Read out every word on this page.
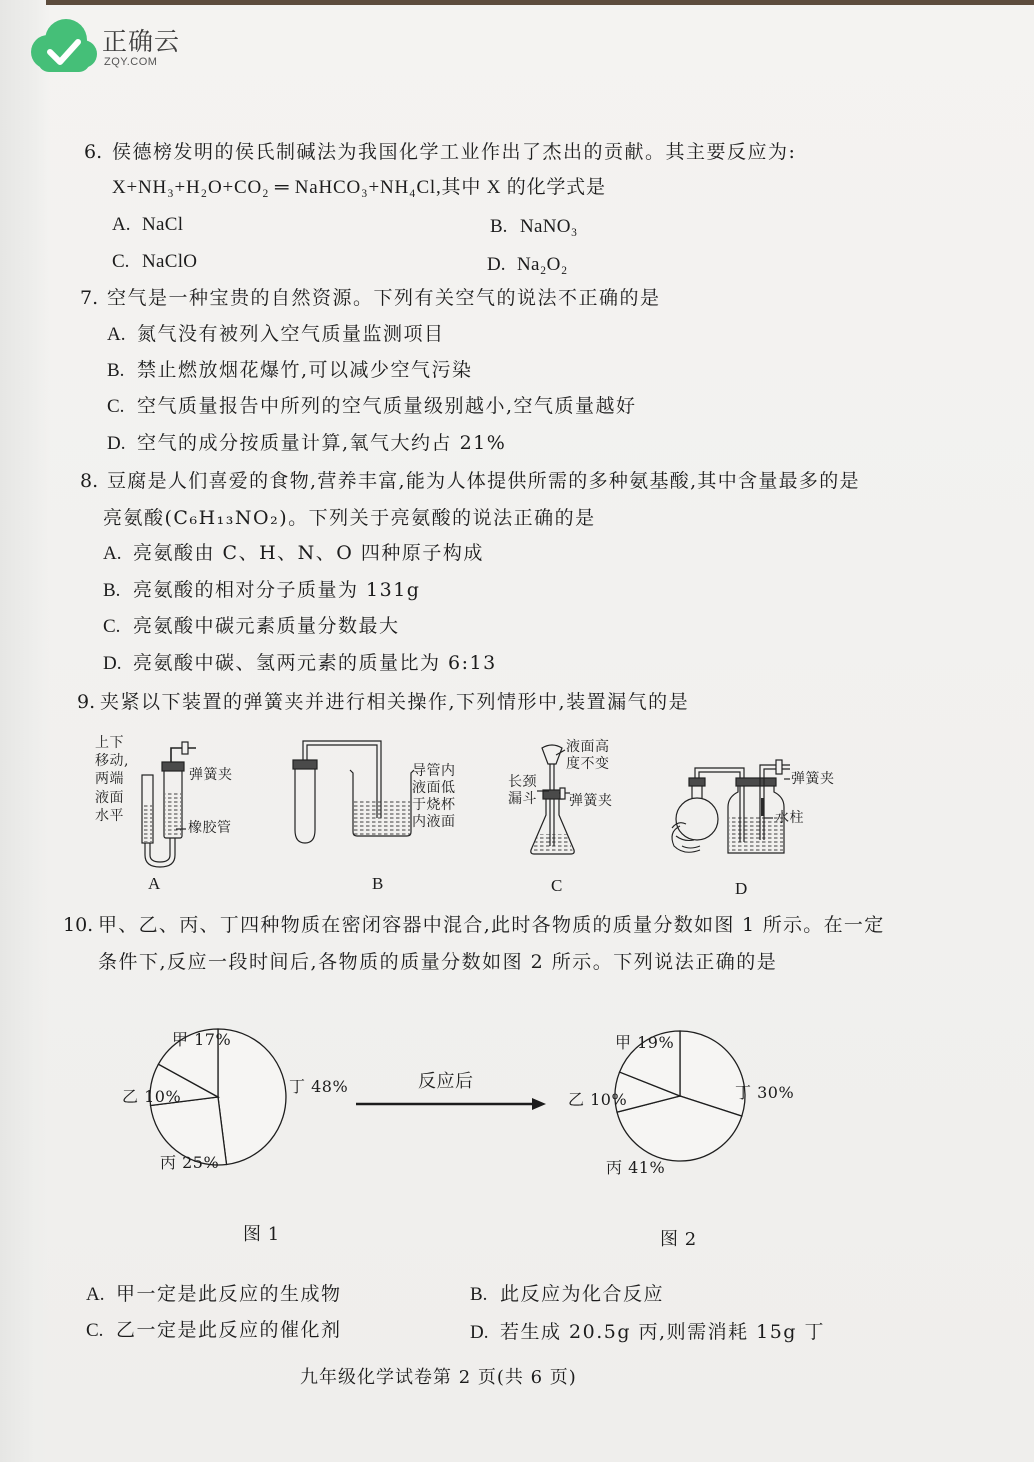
正确云
ZQY.COM
6. 侯德榜发明的侯氏制碱法为我国化学工业作出了杰出的贡献。其主要反应为:
X+NH₃+H₂O+CO₂ ═ NaHCO₃+NH₄Cl,其中 X 的化学式是
A. NaCl	B. NaNO₃
C. NaClO	D. Na₂O₂
7. 空气是一种宝贵的自然资源。下列有关空气的说法不正确的是
A. 氮气没有被列入空气质量监测项目
B. 禁止燃放烟花爆竹,可以减少空气污染
C. 空气质量报告中所列的空气质量级别越小,空气质量越好
D. 空气的成分按质量计算,氧气大约占 21%
8. 豆腐是人们喜爱的食物,营养丰富,能为人体提供所需的多种氨基酸,其中含量最多的是
亮氨酸(C₆H₁₃NO₂)。下列关于亮氨酸的说法正确的是
A. 亮氨酸由 C、H、N、O 四种原子构成
B. 亮氨酸的相对分子质量为 131g
C. 亮氨酸中碳元素质量分数最大
D. 亮氨酸中碳、氢两元素的质量比为 6:13
9. 夹紧以下装置的弹簧夹并进行相关操作,下列情形中,装置漏气的是
上下
移动,
两端
液面
水平
弹簧夹
橡胶管
A
导管内
液面低
于烧杯
内液面
B
长颈
漏斗
液面高
度不变
弹簧夹
C
弹簧夹
水柱
D
10. 甲、乙、丙、丁四种物质在密闭容器中混合,此时各物质的质量分数如图 1 所示。在一定
条件下,反应一段时间后,各物质的质量分数如图 2 所示。下列说法正确的是
反应后
甲 17%
乙 10%
丙 25%
丁 48%
图 1
甲 19%
乙 10%
丙 41%
丁 30%
图 2
A. 甲一定是此反应的生成物	B. 此反应为化合反应
C. 乙一定是此反应的催化剂	D. 若生成 20.5g 丙,则需消耗 15g 丁
九年级化学试卷第 2 页(共 6 页)
